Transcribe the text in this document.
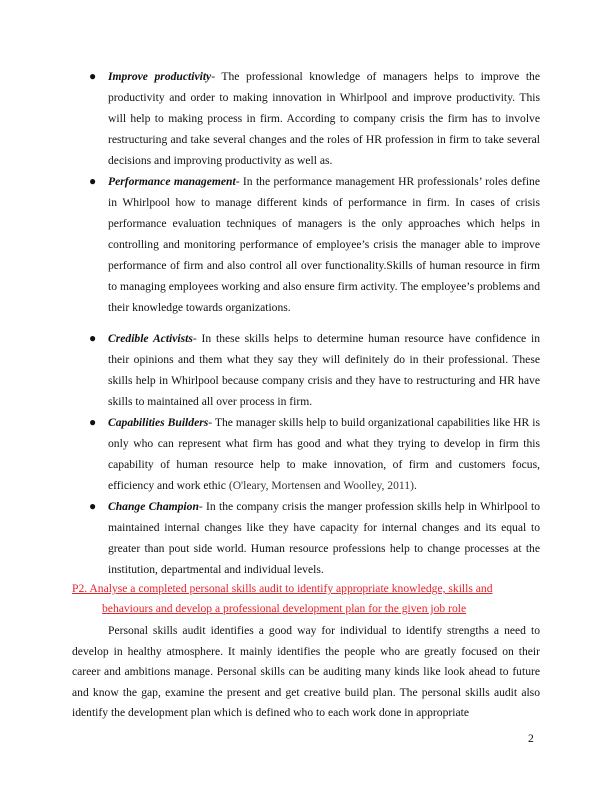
● Improve productivity- The professional knowledge of managers helps to improve the productivity and order to making innovation in Whirlpool and improve productivity. This will help to making process in firm. According to company crisis the firm has to involve restructuring and take several changes and the roles of HR profession in firm to take several decisions and improving productivity as well as.
● Performance management- In the performance management HR professionals’ roles define in Whirlpool how to manage different kinds of performance in firm. In cases of crisis performance evaluation techniques of managers is the only approaches which helps in controlling and monitoring performance of employee’s crisis the manager able to improve performance of firm and also control all over functionality.Skills of human resource in firm to managing employees working and also ensure firm activity. The employee’s problems and their knowledge towards organizations.
● Credible Activists- In these skills helps to determine human resource have confidence in their opinions and them what they say they will definitely do in their professional. These skills help in Whirlpool because company crisis and they have to restructuring and HR have skills to maintained all over process in firm.
● Capabilities Builders- The manager skills help to build organizational capabilities like HR is only who can represent what firm has good and what they trying to develop in firm this capability of human resource help to make innovation, of firm and customers focus, efficiency and work ethic (O'leary, Mortensen and Woolley, 2011).
● Change Champion- In the company crisis the manger profession skills help in Whirlpool to maintained internal changes like they have capacity for internal changes and its equal to greater than pout side world. Human resource professions help to change processes at the institution, departmental and individual levels.
P2. Analyse a completed personal skills audit to identify appropriate knowledge, skills and
behaviours and develop a professional development plan for the given job role

Personal skills audit identifies a good way for individual to identify strengths a need to develop in healthy atmosphere. It mainly identifies the people who are greatly focused on their career and ambitions manage. Personal skills can be auditing many kinds like look ahead to future and know the gap, examine the present and get creative build plan. The personal skills audit also identify the development plan which is defined who to each work done in appropriate

2
